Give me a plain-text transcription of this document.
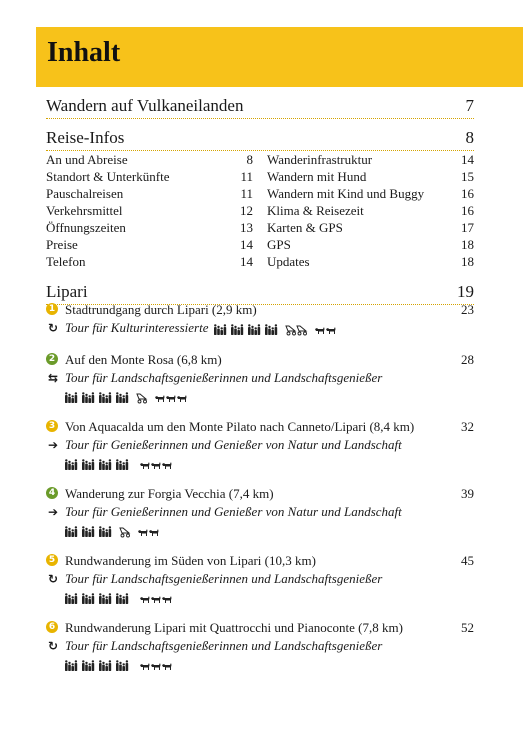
Inhalt
Wandern auf Vulkaneilanden	7
Reise-Infos	8
An und Abreise	8
Standort & Unterkünfte	11
Pauschalreisen	11
Verkehrsmittel	12
Öffnungszeiten	13
Preise	14
Telefon	14
Wanderinfrastruktur	14
Wandern mit Hund	15
Wandern mit Kind und Buggy	16
Klima & Reisezeit	16
Karten & GPS	17
GPS	18
Updates	18
Lipari	19
1 Stadtrundgang durch Lipari (2,9 km)	23
↻ Tour für Kulturinteressierte
2 Auf den Monte Rosa (6,8 km)	28
⇆ Tour für Landschaftsgenießerinnen und Landschaftsgenießer
3 Von Aquacalda um den Monte Pilato nach Canneto/Lipari (8,4 km)	32
➔ Tour für Genießerinnen und Genießer von Natur und Landschaft
4 Wanderung zur Forgia Vecchia (7,4 km)	39
➔ Tour für Genießerinnen und Genießer von Natur und Landschaft
5 Rundwanderung im Süden von Lipari (10,3 km)	45
↻ Tour für Landschaftsgenießerinnen und Landschaftsgenießer
6 Rundwanderung Lipari mit Quattrocchi und Pianoconte (7,8 km)	52
↻ Tour für Landschaftsgenießerinnen und Landschaftsgenießer
